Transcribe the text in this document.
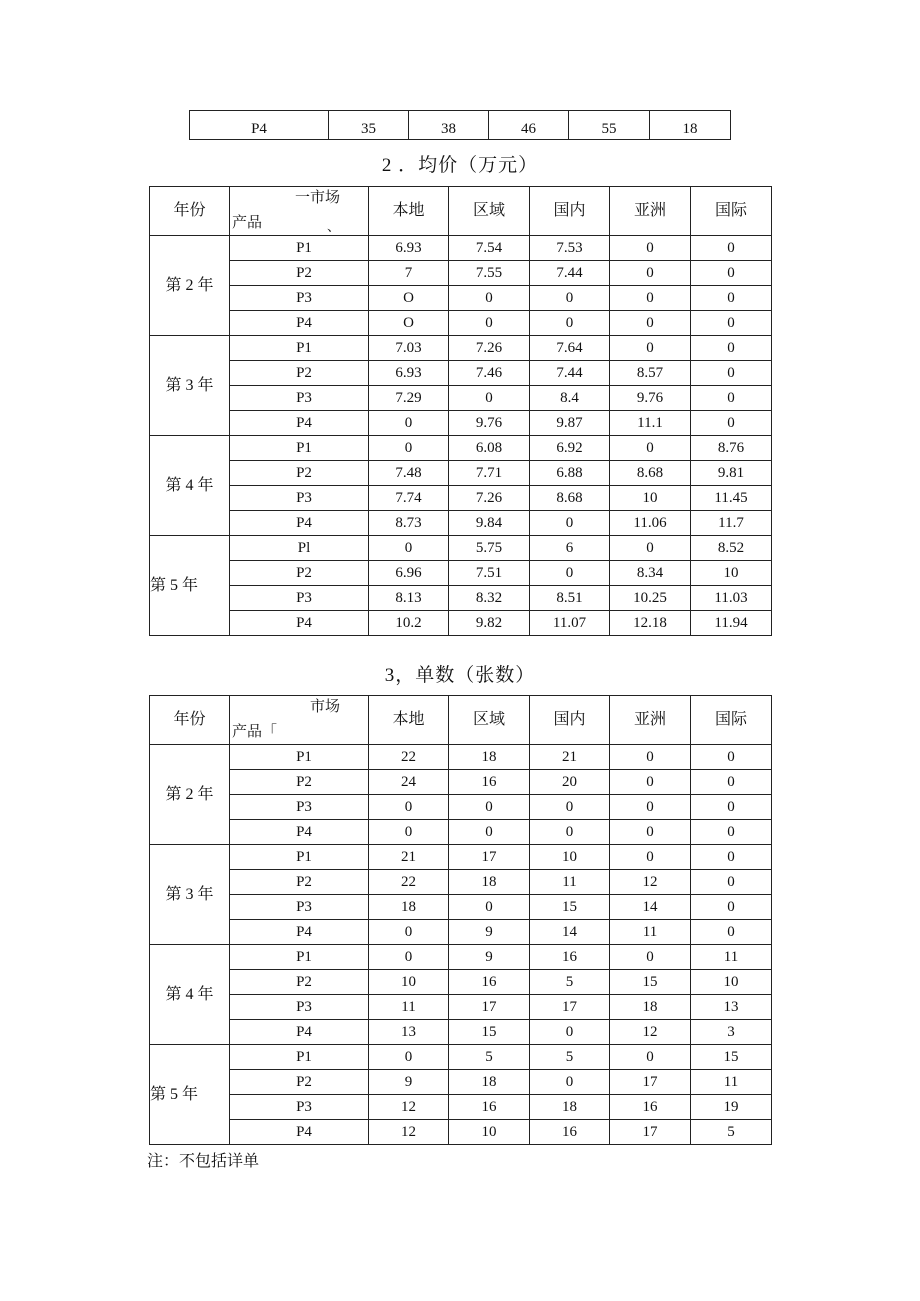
P4	35	38	46	55	18
2 ．均价（万元）
年份	一市场
产品 、	本地	区域	国内	亚洲	国际
第 2 年	P1	6.93	7.54	7.53	0	0
	P2	7	7.55	7.44	0	0
	P3	O	0	0	0	0
	P4	O	0	0	0	0
第 3 年	P1	7.03	7.26	7.64	0	0
	P2	6.93	7.46	7.44	8.57	0
	P3	7.29	0	8.4	9.76	0
	P4	0	9.76	9.87	11.1	0
第 4 年	P1	0	6.08	6.92	0	8.76
	P2	7.48	7.71	6.88	8.68	9.81
	P3	7.74	7.26	8.68	10	11.45
	P4	8.73	9.84	0	11.06	11.7
第 5 年	Pl	0	5.75	6	0	8.52
	P2	6.96	7.51	0	8.34	10
	P3	8.13	8.32	8.51	10.25	11.03
	P4	10.2	9.82	11.07	12.18	11.94
3，单数（张数）
年份	市场
产品「	本地	区域	国内	亚洲	国际
第 2 年	P1	22	18	21	0	0
	P2	24	16	20	0	0
	P3	0	0	0	0	0
	P4	0	0	0	0	0
第 3 年	P1	21	17	10	0	0
	P2	22	18	11	12	0
	P3	18	0	15	14	0
	P4	0	9	14	11	0
第 4 年	P1	0	9	16	0	11
	P2	10	16	5	15	10
	P3	11	17	17	18	13
	P4	13	15	0	12	3
第 5 年	P1	0	5	5	0	15
	P2	9	18	0	17	11
	P3	12	16	18	16	19
	P4	12	10	16	17	5
注：不包括详单
